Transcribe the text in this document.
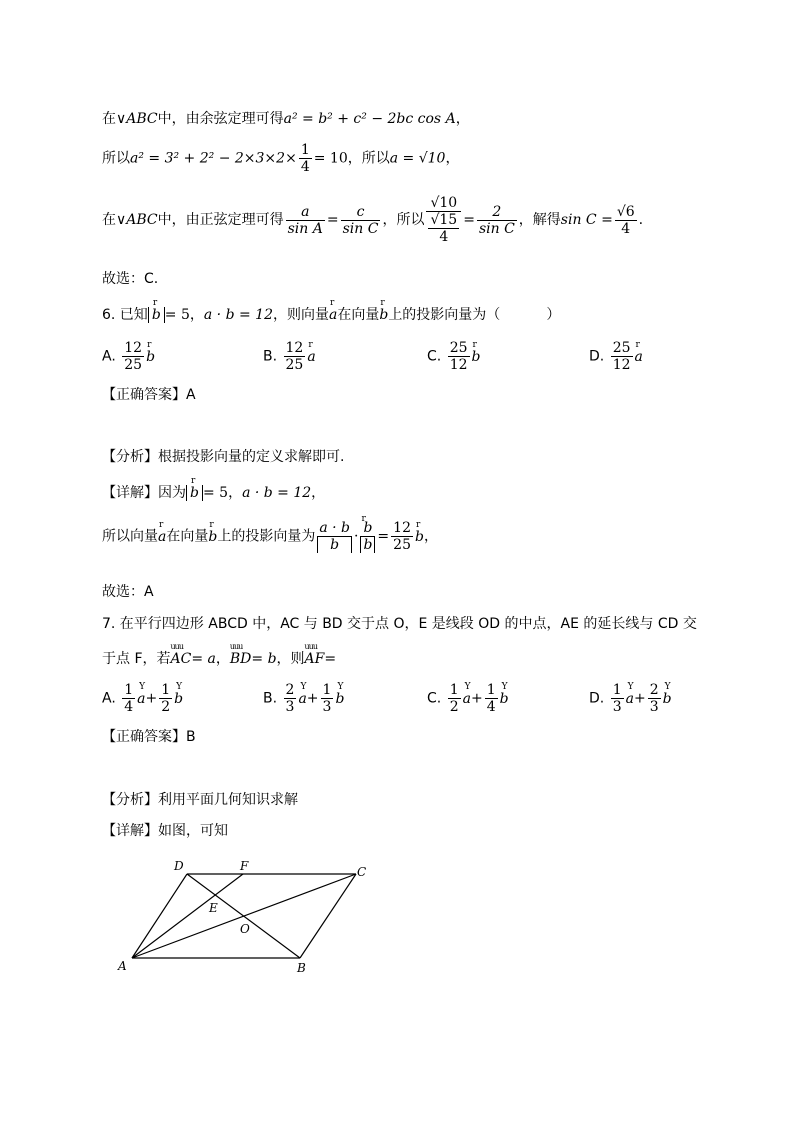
在∨ABC中，由余弦定理可得a² = b² + c² − 2bc cos A，
所以$a^2 = 3^2 + 2^2 - 2\times 3\times 2\times \frac{1}{4} = 10$，所以a = √10，
在∨ABC中，由正弦定理可得 $\frac{a}{\text{sin A}} = \frac{c}{\text{sin C}}$ ，所以 $\frac{√10}{\frac{√15}{4}} = \frac{2}{\text{sin C}}$ ，解得$\sin C = \frac{√6}{4}$ .
故选：C.
6. 已知r b = 5，a · b = 12，则向量r a在向量r b上的投影向量为（	）
A. $\frac{12}{25}$
r b	B. $\frac{12}{25}$
r a	C. $\frac{25}{12}$
r b	D. $\frac{25}{12}$
r a
【正确答案】A
【分析】根据投影向量的定义求解即可.
【详解】因为r b = 5，a · b = 12，
所以向量r a在向量r b上的投影向量为 $\frac{a \cdot b}{b}$ ·
r $\frac{b}{b} = \frac{12}{25}$
r b，
故选：A
7. 在平行四边形 ABCD 中，AC 与 BD 交于点 O，E 是线段 OD 的中点，AE 的延长线与 CD 交
于点 F，若uuu AC= a，uuu BD= b，则uuu AF=
A. $\frac{1}{4}$
Y $a+ \frac{1}{2}$
Y b	B. $\frac{2}{3}$
Y $a+ \frac{1}{3}$
Y b	C. $\frac{1}{2}$
Y $a+ \frac{1}{4}$
Y b	D. $\frac{1}{3}$
Y $a+ \frac{2}{3}$
Y b
【正确答案】B
【分析】利用平面几何知识求解
【详解】如图，可知
A	B
C
D
E
F
O
